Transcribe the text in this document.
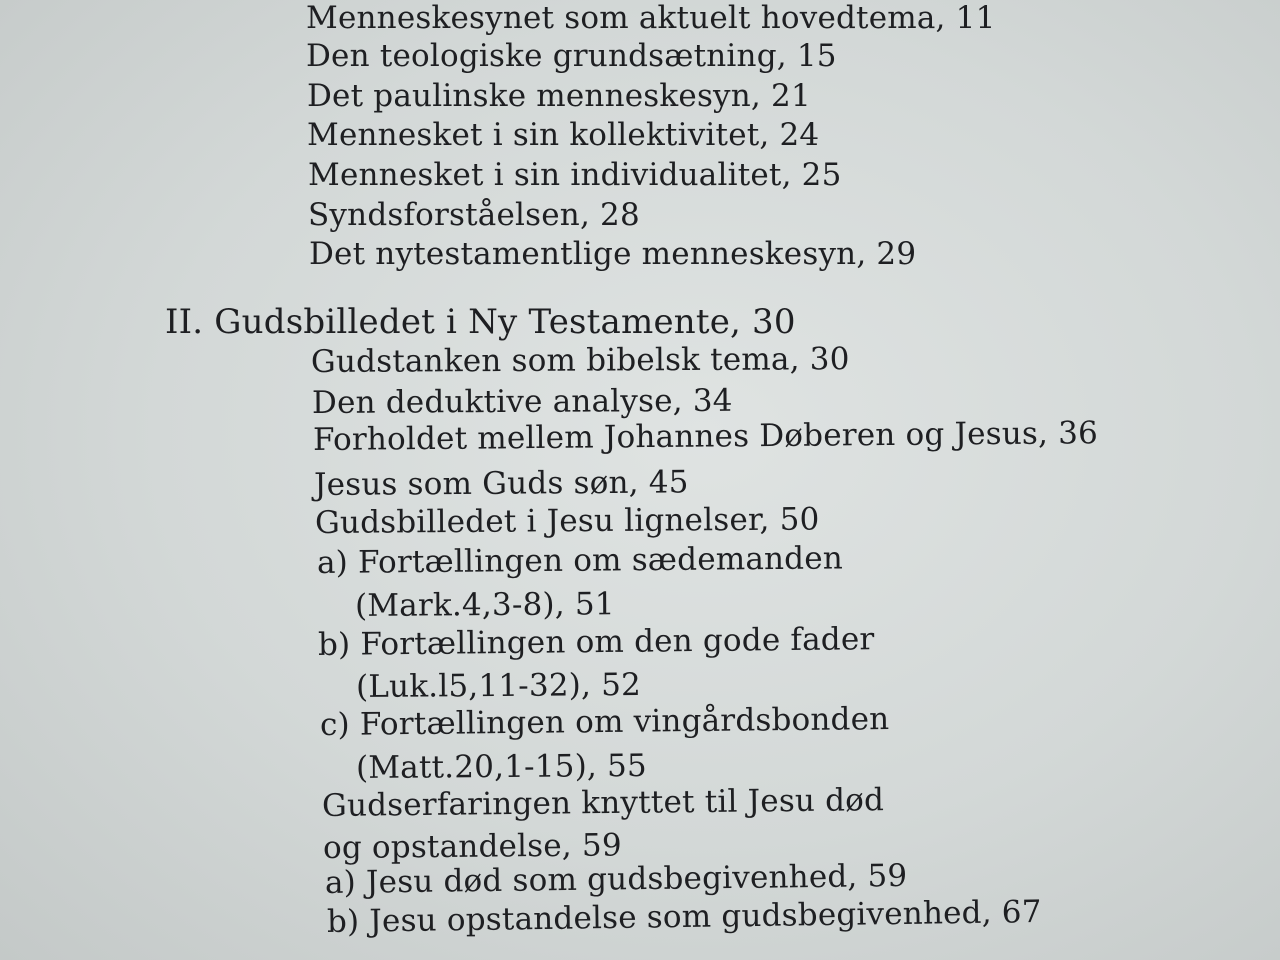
Menneskesynet som aktuelt hovedtema, 11
Den teologiske grundsætning, 15
Det paulinske menneskesyn, 21
Mennesket i sin kollektivitet, 24
Mennesket i sin individualitet, 25
Syndsforståelsen, 28
Det nytestamentlige menneskesyn, 29
II. Gudsbilledet i Ny Testamente, 30
Gudstanken som bibelsk tema, 30
Den deduktive analyse, 34
Forholdet mellem Johannes Døberen og Jesus, 36
Jesus som Guds søn, 45
Gudsbilledet i Jesu lignelser, 50
a) Fortællingen om sædemanden
(Mark.4,3-8), 51
b) Fortællingen om den gode fader
(Luk.l5,11-32), 52
c) Fortællingen om vingårdsbonden
(Matt.20,1-15), 55
Gudserfaringen knyttet til Jesu død
og opstandelse, 59
a) Jesu død som gudsbegivenhed, 59
b) Jesu opstandelse som gudsbegivenhed, 67
